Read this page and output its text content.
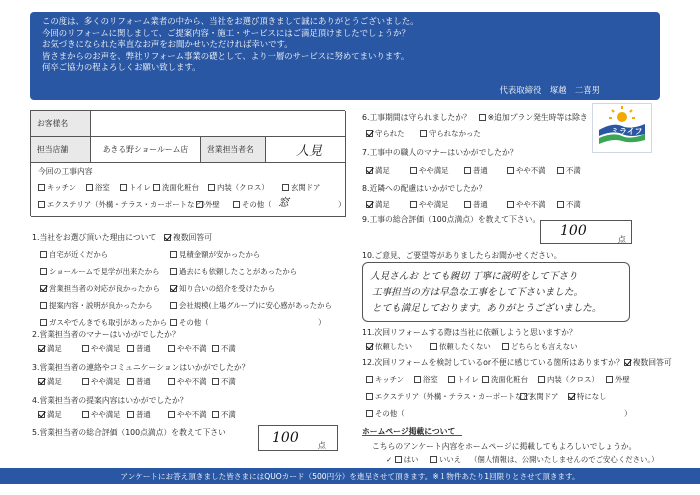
この度は、多くのリフォーム業者の中から、当社をお選び頂きまして誠にありがとうございました。

今回のリフォームに関しまして、ご提案内容・施工・サービスにはご満足頂けましたでしょうか？

お気づきになられた率直なお声をお聞かせいただければ幸いです。

皆さまからのお声を、弊社リフォーム事業の礎として、より一層のサービスに努めてまいります。

何卒ご協力の程よろしくお願い致します。

代表取締役　塚越　二喜男
お客様名
担当店舗	あきる野ショールーム店	営業担当者名	人見
今回の工事内容
キッチン	浴室	トイレ	洗面化粧台	内装（クロス）	玄関ドア
エクステリア（外構・テラス・カーポートなど）
外壁	その他（ 窓	）
1.当社をお選び頂いた理由について　 複数回答可
自宅が近くだから
ショールームで見学が出来たから
営業担当者の対応が良かったから
提案内容・説明が良かったから
ガスやでんきでも取引があったから
見積金額が安かったから
過去にも依頼したことがあったから
知り合いの紹介を受けたから
会社規模(上場グループ)に安心感があったから
その他（	）
2.営業担当者のマナーはいかがでしたか？
満足	やや満足	普通	やや不満	不満
3.営業担当者の連絡やコミュニケーションはいかがでしたか？
満足	やや満足	普通	やや不満	不満
4.営業担当者の提案内容はいかがでしたか？
満足	やや満足	普通	やや不満	不満
5.営業担当者の総合評価（100点満点）を教えて下さい	100 点
ミライフ
6.工事期間は守られましたか？　 ※追加プラン発生時等は除き
守られた	守られなかった
7.工事中の職人のマナーはいかがでしたか？
満足	やや満足	普通	やや不満	不満
8.近隣への配慮はいかがでしたか？
満足	やや満足	普通	やや不満	不満
9.工事の総合評価（100点満点）を教えて下さい。
100
点
10.ご意見、ご要望等がありましたらお聞かせください。
人見さんお とても親切 丁寧に説明をして下さり
工事担当の方は早急な工事をして下さいました。
とても満足しております。ありがとうございました。
11.次回リフォームする際は当社に依頼しようと思いますか？
依頼したい	依頼したくない	どちらとも言えない
12.次回リフォームを検討しているor不便に感じている箇所はありますか？ 複数回答可
キッチン	浴室	トイレ	洗面化粧台	内装（クロス）	外壁
エクステリア（外構・テラス・カーポートなど）
玄関ドア	特になし
その他（	）
ホームページ掲載について
こちらのアンケート内容をホームページに掲載してもよろしいでしょうか。
✓ はい	いいえ （個人情報は、公開いたしませんのでご安心ください。）
アンケートにお答え頂きました皆さまにはQUOカード（500円分）を進呈させて頂きます。※１物件あたり1回限りとさせて頂きます。
